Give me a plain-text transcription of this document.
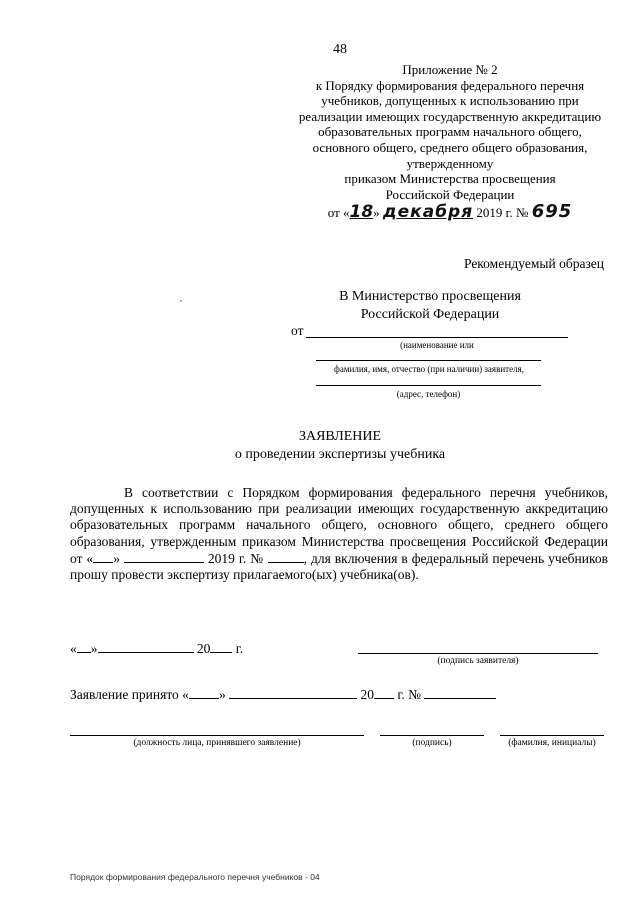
48
Приложение № 2
к Порядку формирования федерального перечня
учебников, допущенных к использованию при
реализации имеющих государственную аккредитацию
образовательных программ начального общего,
основного общего, среднего общего образования,
утвержденному
приказом Министерства просвещения
Российской Федерации
от «18» декабря 2019 г. № 695
Рекомендуемый образец
В Министерство просвещения
Российской Федерации
от
(наименование или
фамилия, имя, отчество (при наличии) заявителя,
(адрес, телефон)
ЗАЯВЛЕНИЕ
о проведении экспертизы учебника

В соответствии с Порядком формирования федерального перечня учебников, допущенных к использованию при реализации имеющих государственную аккредитацию образовательных программ начального общего, основного общего, среднего общего образования, утвержденным приказом Министерства просвещения Российской Федерации от « »	2019 г. №	, для включения в федеральный перечень учебников прошу провести экспертизу прилагаемого(ых) учебника(ов).

« »	20 г.
(подпись заявителя)
Заявление принято « »	20 г. №
(должность лица, принявшего заявление)	(подпись)	(фамилия, инициалы)
Порядок формирования федерального перечня учебников - 04
